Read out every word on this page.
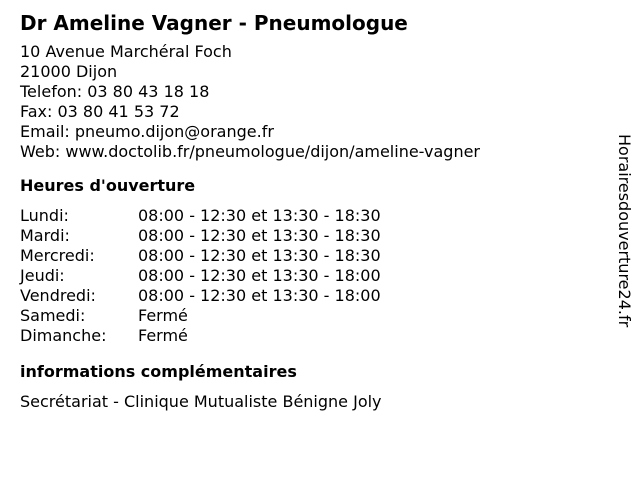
Dr Ameline Vagner - Pneumologue
10 Avenue Marchéral Foch
21000 Dijon
Telefon: 03 80 43 18 18
Fax: 03 80 41 53 72
Email: pneumo.dijon@orange.fr
Web: www.doctolib.fr/pneumologue/dijon/ameline-vagner
Heures d'ouverture
Lundi:	08:00 - 12:30 et 13:30 - 18:30
Mardi:	08:00 - 12:30 et 13:30 - 18:30
Mercredi:	08:00 - 12:30 et 13:30 - 18:30
Jeudi:	08:00 - 12:30 et 13:30 - 18:00
Vendredi:	08:00 - 12:30 et 13:30 - 18:00
Samedi:	Fermé
Dimanche:	Fermé
informations complémentaires
Secrétariat - Clinique Mutualiste Bénigne Joly
Horairesdouverture24.fr
